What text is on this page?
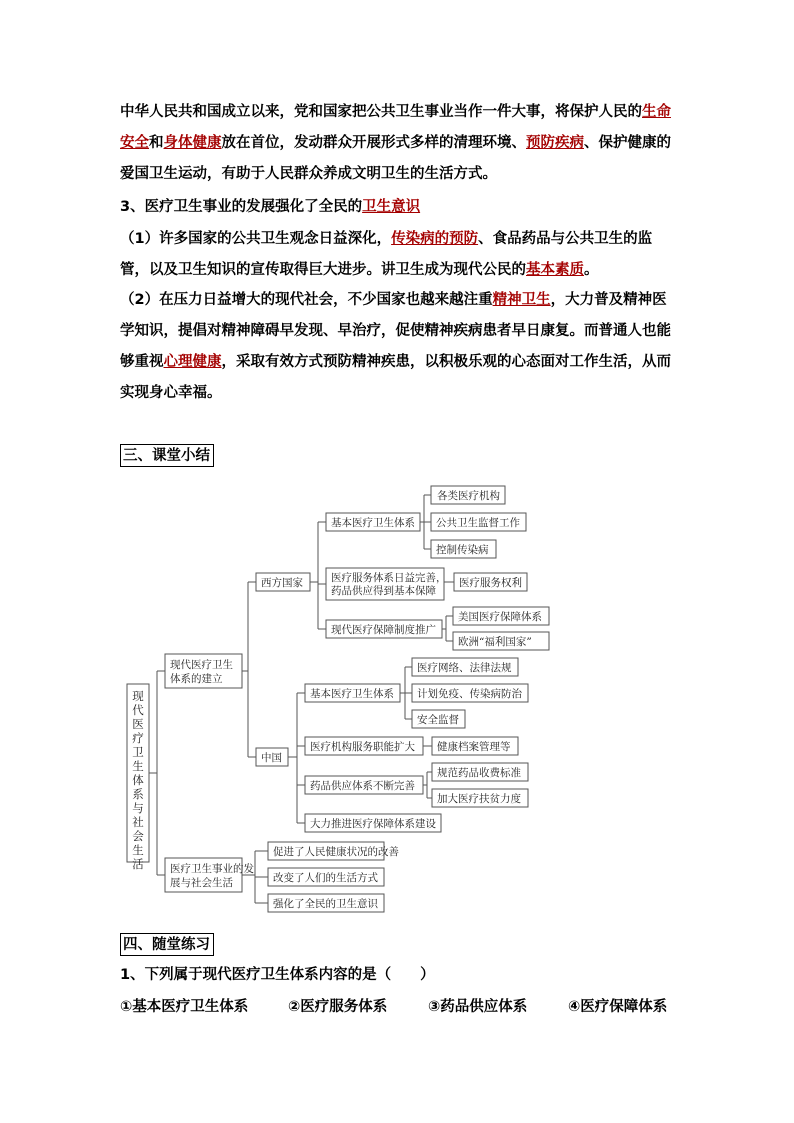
中华人民共和国成立以来，党和国家把公共卫生事业当作一件大事，将保护人民的生命安全和身体健康放在首位，发动群众开展形式多样的清理环境、预防疾病、保护健康的爱国卫生运动，有助于人民群众养成文明卫生的生活方式。
3、医疗卫生事业的发展强化了全民的卫生意识
（1）许多国家的公共卫生观念日益深化，传染病的预防、食品药品与公共卫生的监管，以及卫生知识的宣传取得巨大进步。讲卫生成为现代公民的基本素质。
（2）在压力日益增大的现代社会，不少国家也越来越注重精神卫生，大力普及精神医学知识，提倡对精神障碍早发现、早治疗，促使精神疾病患者早日康复。而普通人也能够重视心理健康，采取有效方式预防精神疾患，以积极乐观的心态面对工作生活，从而实现身心幸福。
三、课堂小结
现代医疗卫生体系与社会生活
现代医疗卫生体系的建立
医疗卫生事业的发展与社会生活
西方国家
中国
基本医疗卫生体系
各类医疗机构
公共卫生监督工作
控制传染病
医疗服务体系日益完善，药品供应得到基本保障
医疗服务权利
现代医疗保障制度推广
美国医疗保障体系
欧洲“福利国家”
基本医疗卫生体系
医疗网络、法律法规
计划免疫、传染病防治
安全监督
医疗机构服务职能扩大 健康档案管理等
药品供应体系不断完善
规范药品收费标准
加大医疗扶贫力度
大力推进医疗保障体系建设
促进了人民健康状况的改善
改变了人们的生活方式
强化了全民的卫生意识
四、随堂练习
1、下列属于现代医疗卫生体系内容的是（　　）
①基本医疗卫生体系	②医疗服务体系	③药品供应体系	④医疗保障体系
